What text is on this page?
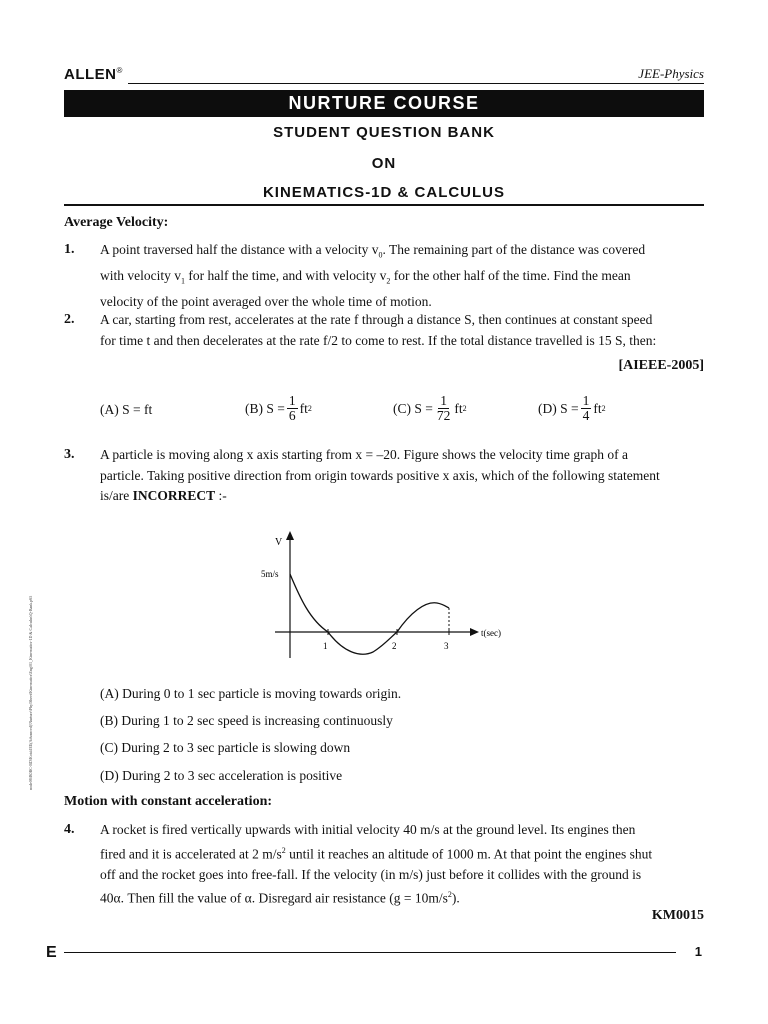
ALLEN®	JEE-Physics
NURTURE COURSE
STUDENT QUESTION BANK
ON
KINEMATICS-1D & CALCULUS
Average Velocity:
1. A point traversed half the distance with a velocity $v_0$. The remaining part of the distance was covered
with velocity $v_1$ for half the time, and with velocity $v_2$ for the other half of the time. Find the mean
velocity of the point averaged over the whole time of motion.
2. A car, starting from rest, accelerates at the rate f through a distance S, then continues at constant speed
for time t and then decelerates at the rate f/2 to come to rest. If the total distance travelled is 15 S, then:
[AIEEE-2005]
(A) S = ft	(B) $S = \frac{1}{6}$ ft 2	(C) $S = \frac{1}{72}$ ft 2	(D) $S = \frac{1}{4}$ ft 2
3. A particle is moving along x axis starting from x = –20. Figure shows the velocity time graph of a
particle. Taking positive direction from origin towards positive x axis, which of the following statement
is/are INCORRECT :-
V
5m/s
t(sec)
1	2	3
(A) During 0 to 1 sec particle is moving towards origin.
(B) During 1 to 2 sec speed is increasing continuously
(C) During 2 to 3 sec particle is slowing down
(D) During 2 to 3 sec acceleration is positive
Motion with constant acceleration:
4. A rocket is fired vertically upwards with initial velocity 40 m/s at the ground level. Its engines then
fired and it is accelerated at 2 $m/s^2$ until it reaches an altitude of 1000 m. At that point the engines shut
off and the rocket goes into free-fall. If the velocity (in m/s) just before it collides with the ground is
40α. Then fill the value of α. Disregard air resistance $(g = 10m/s^2)$.
KM0015
node06\B0BC-BD\Kota\JEE(Advanced)\Nurture\Phy\Sheet\Kinematics\Eng\01_Kinematics-1D & Calculus\Q-Bank.p65
E	1
